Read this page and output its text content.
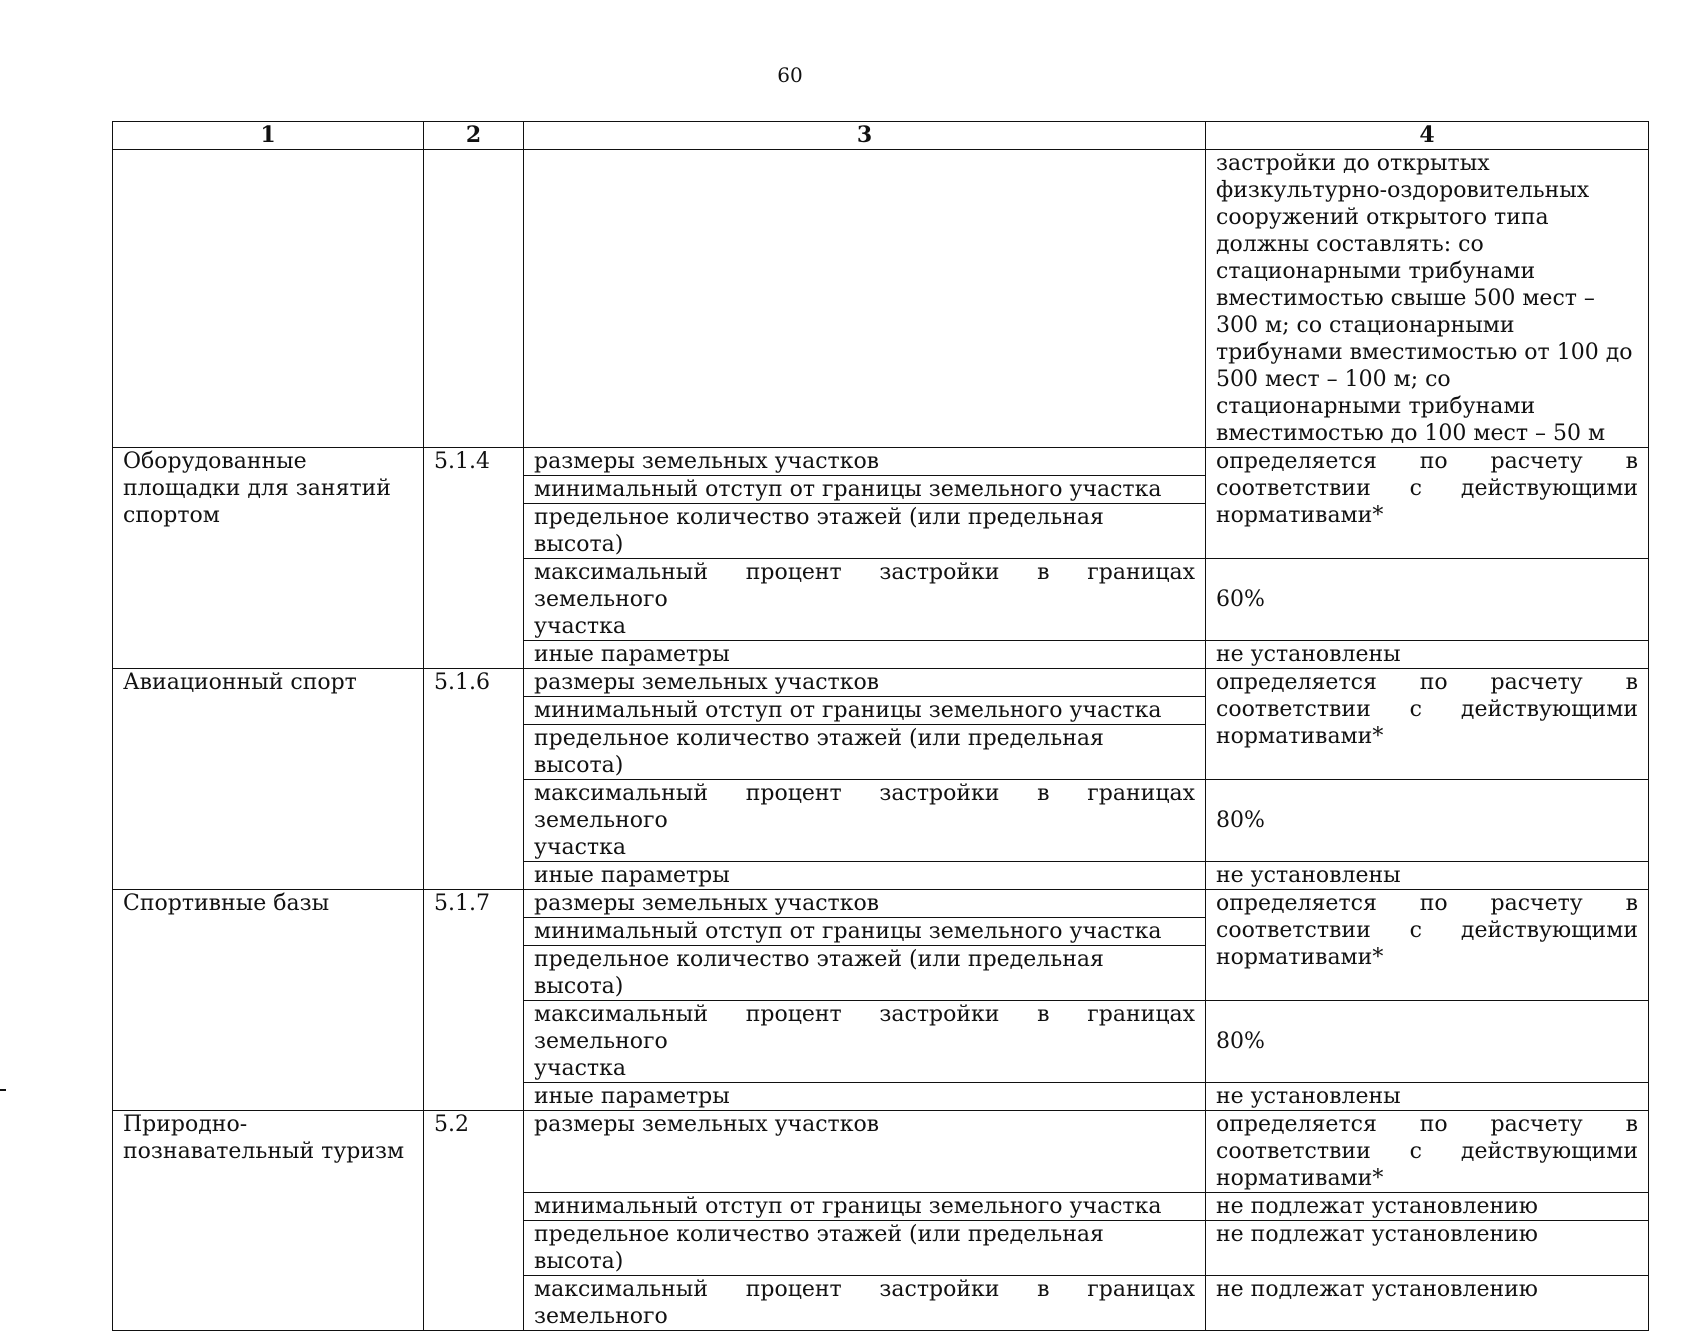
60
1	2	3	4
			застройки до открытых физкультурно-оздоровительных сооружений открытого типа должны составлять: со стационарными трибунами вместимостью свыше 500 мест – 300 м; со стационарными трибунами вместимостью от 100 до 500 мест – 100 м; со стационарными трибунами вместимостью до 100 мест – 50 м
Оборудованные площадки для занятий спортом	5.1.4	размеры земельных участков	определяется по расчету в
соответствии с действующими
нормативами*

		минимальный отступ от границы земельного участка	
		предельное количество этажей (или предельная высота)	

		максимальный процент застройки в границах земельного
участка	60%
		иные параметры	не установлены
Авиационный спорт	5.1.6	размеры земельных участков	определяется по расчету в
соответствии с действующими
нормативами*

		минимальный отступ от границы земельного участка	
		предельное количество этажей (или предельная высота)	

		максимальный процент застройки в границах земельного
участка	80%
		иные параметры	не установлены
Спортивные базы	5.1.7	размеры земельных участков	определяется по расчету в
соответствии с действующими
нормативами*

		минимальный отступ от границы земельного участка	
		предельное количество этажей (или предельная высота)	

		максимальный процент застройки в границах земельного
участка	80%
		иные параметры	не установлены
Природно-познавательный туризм	5.2	размеры земельных участков	определяется по расчету в
соответствии с действующими
нормативами*

		минимальный отступ от границы земельного участка	не подлежат установлению
		предельное количество этажей (или предельная высота)	не подлежат установлению

		максимальный процент застройки в границах земельного	не подлежат установлению
